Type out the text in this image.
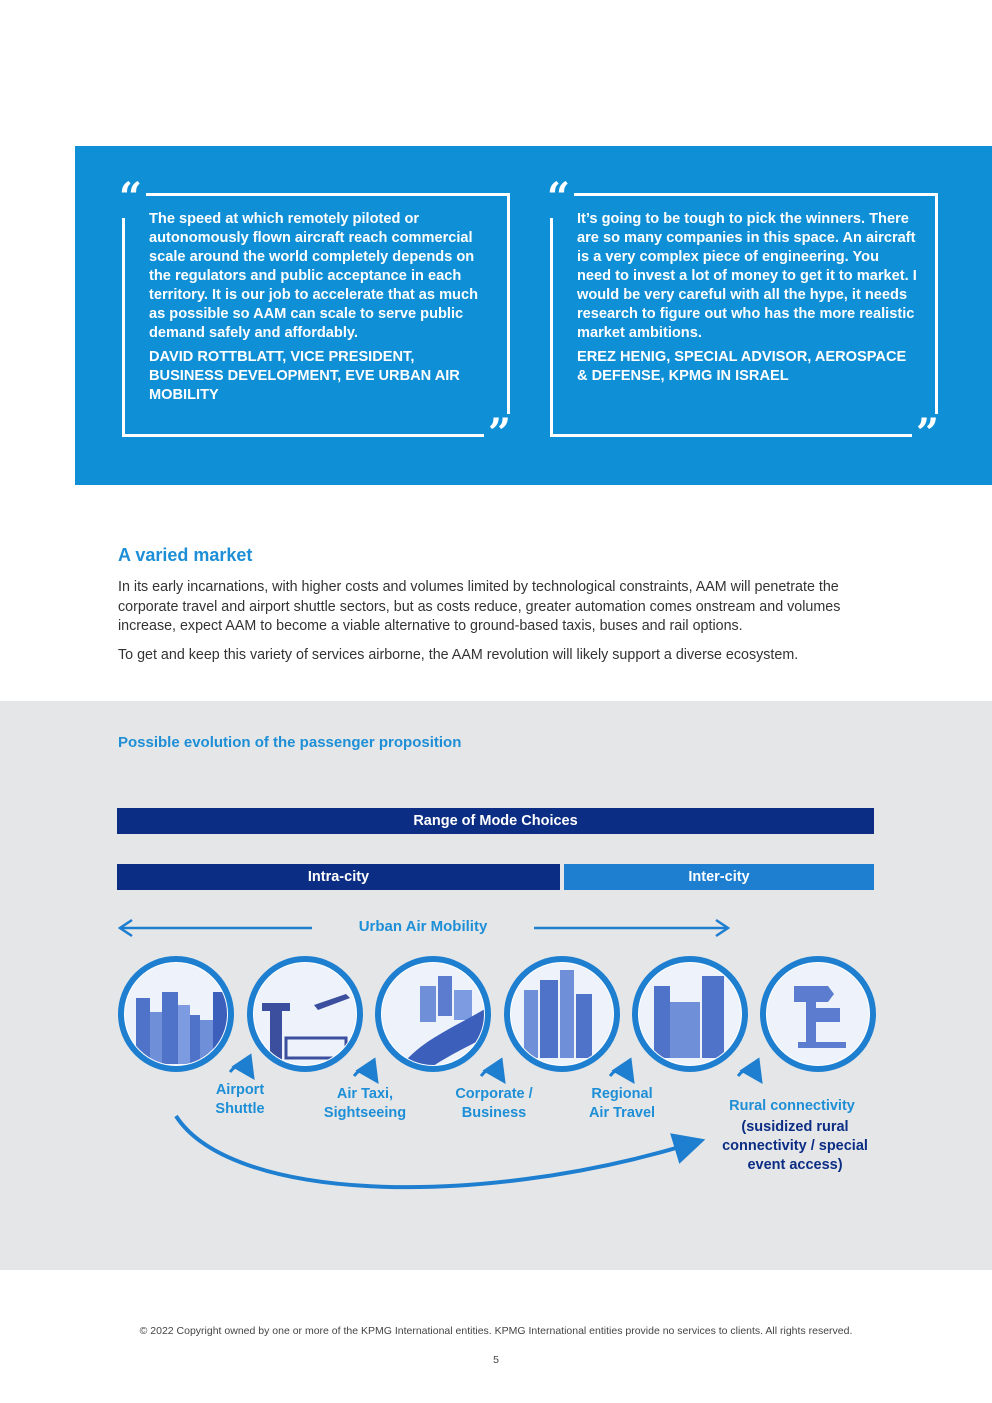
“ The speed at which remotely piloted or autonomously flown aircraft reach commercial scale around the world completely depends on the regulators and public acceptance in each territory. It is our job to accelerate that as much as possible so AAM can scale to serve public demand safely and affordably.

DAVID ROTTBLATT, VICE PRESIDENT, BUSINESS DEVELOPMENT, EVE URBAN AIR MOBILITY

”
“ It’s going to be tough to pick the winners. There are so many companies in this space. An aircraft is a very complex piece of engineering. You need to invest a lot of money to get it to market. I would be very careful with all the hype, it needs research to figure out who has the more realistic market ambitions.

EREZ HENIG, SPECIAL ADVISOR, AEROSPACE & DEFENSE, KPMG IN ISRAEL

”
A varied market

In its early incarnations, with higher costs and volumes limited by technological constraints, AAM will penetrate the corporate travel and airport shuttle sectors, but as costs reduce, greater automation comes onstream and volumes increase, expect AAM to become a viable alternative to ground-based taxis, buses and rail options.

To get and keep this variety of services airborne, the AAM revolution will likely support a diverse ecosystem.

Possible evolution of the passenger proposition

Range of Mode Choices
Intra-city	Inter-city
Airport Shuttle
Air Taxi, Sightseeing
Corporate / Business
Regional Air Travel	Rural connectivity
(susidized rural connectivity / special event access)
Urban Air Mobility

© 2022 Copyright owned by one or more of the KPMG International entities. KPMG International entities provide no services to clients. All rights reserved.

5
